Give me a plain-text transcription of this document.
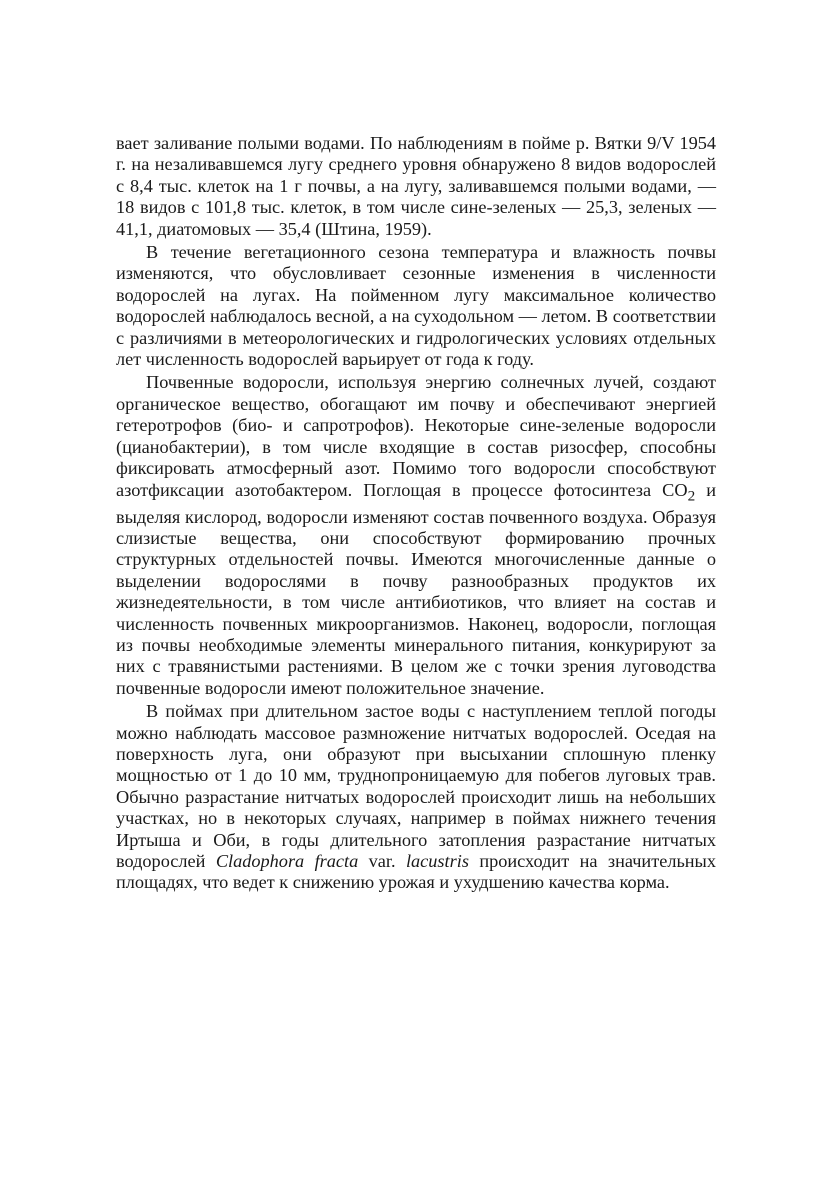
вает заливание полыми водами. По наблюдениям в пойме р. Вятки 9/V 1954 г. на незаливавшемся лугу среднего уровня обнаружено 8 видов водорослей с 8,4 тыс. клеток на 1 г почвы, а на лугу, заливавшемся полыми водами, — 18 видов с 101,8 тыс. клеток, в том числе сине-зеленых — 25,3, зеленых — 41,1, диатомовых — 35,4 (Штина, 1959).

В течение вегетационного сезона температура и влажность почвы изменяются, что обусловливает сезонные изменения в численности водорослей на лугах. На пойменном лугу максимальное количество водорослей наблюдалось весной, а на суходольном — летом. В соответствии с различиями в метеорологических и гидрологических условиях отдельных лет численность водорослей варьирует от года к году.

Почвенные водоросли, используя энергию солнечных лучей, создают органическое вещество, обогащают им почву и обеспечивают энергией гетеротрофов (био- и сапротрофов). Некоторые сине-зеленые водоросли (цианобактерии), в том числе входящие в состав ризосфер, способны фиксировать атмосферный азот. Помимо того водоросли способствуют азотфиксации азотобактером. Поглощая в процессе фотосинтеза $CO_2$ и выделяя кислород, водоросли изменяют состав почвенного воздуха. Образуя слизистые вещества, они способствуют формированию прочных структурных отдельностей почвы. Имеются многочисленные данные о выделении водорослями в почву разнообразных продуктов их жизнедеятельности, в том числе антибиотиков, что влияет на состав и численность почвенных микроорганизмов. Наконец, водоросли, поглощая из почвы необходимые элементы минерального питания, конкурируют за них с травянистыми растениями. В целом же с точки зрения луговодства почвенные водоросли имеют положительное значение.

В поймах при длительном застое воды с наступлением теплой погоды можно наблюдать массовое размножение нитчатых водорослей. Оседая на поверхность луга, они образуют при высыхании сплошную пленку мощностью от 1 до 10 мм, труднопроницаемую для побегов луговых трав. Обычно разрастание нитчатых водорослей происходит лишь на небольших участках, но в некоторых случаях, например в поймах нижнего течения Иртыша и Оби, в годы длительного затопления разрастание нитчатых водорослей Cladophora fracta var. lacustris происходит на значительных площадях, что ведет к снижению урожая и ухудшению качества корма.
